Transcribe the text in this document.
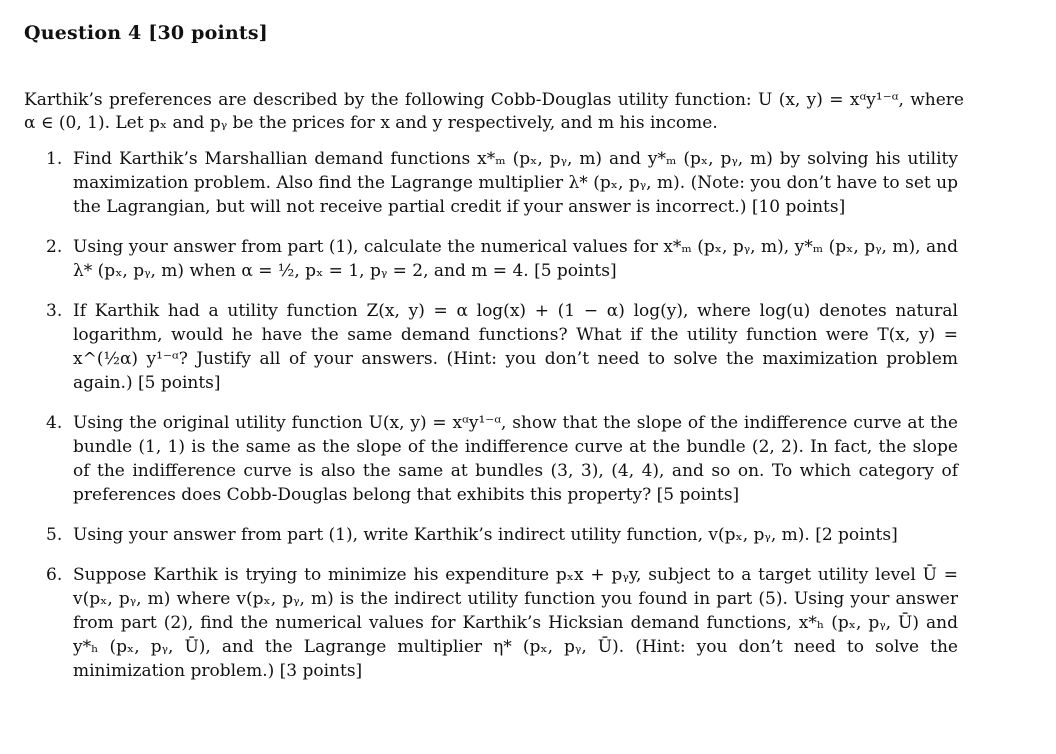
Question 4 [30 points]

Karthik’s preferences are described by the following Cobb-Douglas utility function: U (x, y) = xᵅy¹⁻ᵅ, where α ∈ (0, 1). Let pₓ and pᵧ be the prices for x and y respectively, and m his income.

1. Find Karthik’s Marshallian demand functions x*ₘ (pₓ, pᵧ, m) and y*ₘ (pₓ, pᵧ, m) by solving his utility maximization problem. Also find the Lagrange multiplier λ* (pₓ, pᵧ, m). (Note: you don’t have to set up the Lagrangian, but will not receive partial credit if your answer is incorrect.) [10 points]
2. Using your answer from part (1), calculate the numerical values for x*ₘ (pₓ, pᵧ, m), y*ₘ (pₓ, pᵧ, m), and λ* (pₓ, pᵧ, m) when α = ½, pₓ = 1, pᵧ = 2, and m = 4. [5 points]
3. If Karthik had a utility function Z(x, y) = α log(x) + (1 − α) log(y), where log(u) denotes natural logarithm, would he have the same demand functions? What if the utility function were T(x, y) = x^(½α) y¹⁻ᵅ? Justify all of your answers. (Hint: you don’t need to solve the maximization problem again.) [5 points]
4. Using the original utility function U(x, y) = xᵅy¹⁻ᵅ, show that the slope of the indifference curve at the bundle (1, 1) is the same as the slope of the indifference curve at the bundle (2, 2). In fact, the slope of the indifference curve is also the same at bundles (3, 3), (4, 4), and so on. To which category of preferences does Cobb-Douglas belong that exhibits this property? [5 points]
5. Using your answer from part (1), write Karthik’s indirect utility function, v(pₓ, pᵧ, m). [2 points]
6. Suppose Karthik is trying to minimize his expenditure pₓx + pᵧy, subject to a target utility level Ū = v(pₓ, pᵧ, m) where v(pₓ, pᵧ, m) is the indirect utility function you found in part (5). Using your answer from part (2), find the numerical values for Karthik’s Hicksian demand functions, x*ₕ (pₓ, pᵧ, Ū) and y*ₕ (pₓ, pᵧ, Ū), and the Lagrange multiplier η* (pₓ, pᵧ, Ū). (Hint: you don’t need to solve the minimization problem.) [3 points]
